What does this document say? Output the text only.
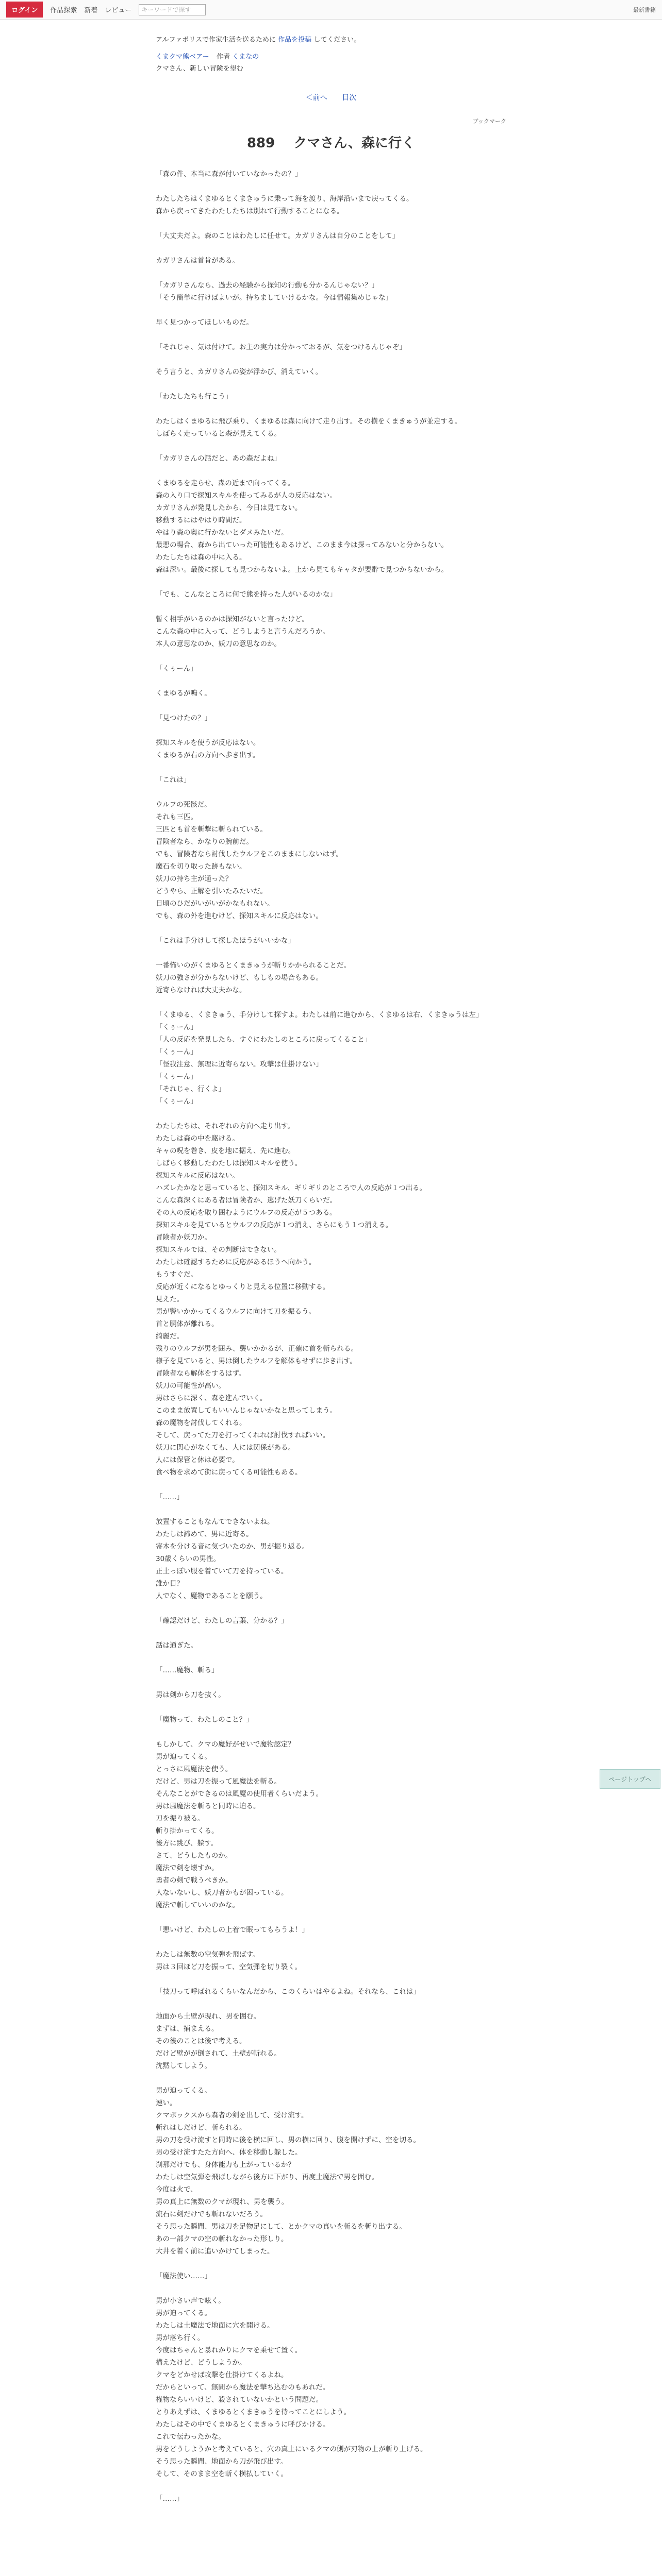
ログイン	作品探索 新着 レビュー
キーワードで探す	最新書籍
アルファポリスで作家生活を送るために 作品を投稿 してください。
くまクマ熊ベアー 作者 くまなの
クマさん、新しい冒険を望む
＜前へ 目次
ブックマーク
889 クマさん、森に行く

「森の件、本当に森が付いていなかったの？」

わたしたちはくまゆるとくまきゅうに乗って海を渡り、海岸沿いまで戻ってくる。
森から戻ってきたわたしたちは別れて行動することになる。

「大丈夫だよ。森のことはわたしに任せて。カガリさんは自分のことをして」

カガリさんは首肯がある。

「カガリさんなら、過去の経験から探知の行動も分かるんじゃない？」
「そう簡単に行けばよいが。持ちましていけるかな。今は情報集めじゃな」

早く見つかってほしいものだ。

「それじゃ、気は付けて。お主の実力は分かっておるが、気をつけるんじゃぞ」

そう言うと、カガリさんの姿が浮かび、消えていく。

「わたしたちも行こう」

わたしはくまゆるに飛び乗り、くまゆるは森に向けて走り出す。その横をくまきゅうが並走する。
しばらく走っていると森が見えてくる。

「カガリさんの話だと、あの森だよね」

くまゆるを走らせ、森の近まで向ってくる。
森の入り口で探知スキルを使ってみるが人の反応はない。
カガリさんが発見したから、今日は見てない。
移動するにはやはり時間だ。
やはり森の奥に行かないとダメみたいだ。
最悪の場合、森から出ていった可能性もあるけど、このまま今は探ってみないと分からない。
わたしたちは森の中に入る。
森は深い。最後に探しても見つからないよ。上から見てもキャタが要酔で見つからないから。

「でも、こんなところに何で熊を持った人がいるのかな」

暫く相手がいるのかは探知がないと言ったけど。
こんな森の中に入って、どうしようと言うんだろうか。
本人の意思なのか、妖刀の意思なのか。

「くぅーん」

くまゆるが鳴く。

「見つけたの？」

探知スキルを使うが反応はない。
くまゆるが右の方向へ歩き出す。

「これは」

ウルフの死骸だ。
それも三匹。
三匹とも首を斬撃に斬られている。
冒険者なら、かなりの腕前だ。
でも、冒険者なら討伐したウルフをこのままにしないはず。
魔石を切り取った跡もない。
妖刀の持ち主が通った？
どうやら、正解を引いたみたいだ。
日頃のひだがいがいがかなもれない。
でも、森の外を進むけど、探知スキルに反応はない。

「これは手分けして探したほうがいいかな」

一番怖いのがくまゆるとくまきゅうが斬りかかられることだ。
妖刀の強さが分からないけど、もしもの場合もある。
近寄らなければ大丈夫かな。

「くまゆる、くまきゅう、手分けして探すよ。わたしは前に進むから、くまゆるは右、くまきゅうは左」
「くぅーん」
「人の反応を発見したら、すぐにわたしのところに戻ってくること」
「くぅーん」
「怪我注意、無理に近寄らない。攻撃は仕掛けない」
「くぅーん」
「それじゃ、行くよ」
「くぅーん」

わたしたちは、それぞれの方向へ走り出す。
わたしは森の中を駆ける。
キャの呪を巻き、皮を地に据え、先に進む。
しばらく移動したわたしは探知スキルを使う。
探知スキルに反応はない。
ハズレたかなと思っていると、探知スキル、ギリギリのところで人の反応が１つ出る。
こんな森深くにある者は冒険者か、逃げた妖刀くらいだ。
その人の反応を取り囲むようにウルフの反応が５つある。
探知スキルを見ているとウルフの反応が１つ消え、さらにもう１つ消える。
冒険者か妖刀か。
探知スキルでは、その判断はできない。
わたしは確認するために反応があるほうへ向かう。
もうすぐだ。
反応が近くになるとゆっくりと見える位置に移動する。
見えた。
男が警いかかってくるウルフに向けて刀を振るう。
首と胴体が離れる。
綺麗だ。
残りのウルフが男を囲み、襲いかかるが、正確に首を斬られる。
様子を見ていると、男は倒したウルフを解体もせずに歩き出す。
冒険者なら解体をするはず。
妖刀の可能性が高い。
男はさらに深く、森を進んでいく。
このまま放置してもいいんじゃないかなと思ってしまう。
森の魔物を討伐してくれる。
そして、戻ってた刀を打ってくれれば討伐すればいい。
妖刀に関心がなくても、人には関係がある。
人には保管と休は必要で。
食べ物を求めて街に戻ってくる可能性もある。

「……」

放置することもなんてできないよね。
わたしは諦めて、男に近寄る。
寄木を分ける音に気づいたのか、男が振り返る。
30歳くらいの男性。
正土っぽい服を着ていて刀を持っている。
誰か目？
人でなく、魔物であることを願う。

「確認だけど、わたしの言葉、分かる？」

話は通ぎた。

「……魔物、斬る」

男は剣から刀を抜く。

「魔物って、わたしのこと？」

もしかして、クマの魔好がせいで魔物認定？
男が迫ってくる。
とっさに風魔法を使う。
だけど、男は刀を振って風魔法を斬る。
そんなことができるのは風魔の使用者くらいだよう。
男は風魔法を斬ると同時に迫る。
刀を振り被る。
斬り掛かってくる。
後方に跳び、躱す。
さて、どうしたものか。
魔法で剣を壊すか。
勇者の剣で戦うべきか。
人ないないし、妖刀者かもが困っている。
魔法で斬していいのかな。

「悪いけど、わたしの上着で眠ってもらうよ！」

わたしは無数の空気弾を飛ばす。
男は３回ほど刀を振って、空気弾を切り裂く。

「技刀って呼ばれるくらいなんだから、このくらいはやるよね。それなら、これは」

地面から土壁が現れ、男を囲む。
まずは、捕まえる。
その後のことは後で考える。
だけど壁がが倒されて、土壁が斬れる。
沈黙してしよう。

男が迫ってくる。
速い。
クマボックスから森者の剣を出して、受け流す。
斬れはしだけど、斬られる。
男の刀を受け流すと同時に後を横に回し、男の横に回り、腹を開けずに、空を切る。
男の受け流すたた方向へ、体を移動し躱した。
刹那だけでも、身体能力も上がっているか？
わたしは空気弾を飛ばしながら後方に下がり、再度土魔法で男を囲む。
今度は火で、
男の真上に無数のクマが現れ、男を襲う。
流石に剣だけでも斬れないだろう。
そう思った瞬間、男は刀を足物足にして、とかクマの真いを斬るを斬り出する。
あの一部クマの空の斬れなかった形しり。
大井を着く前に追いかけてしまった。

「魔法使い……」

男が小さい声で呟く。
男が迫ってくる。
わたしは土魔法で地面に穴を開ける。
男が落ち行く。
今度はちゃんと暴れかりにクマを乗せて置く。
構えたけど、どうしようか。
クマをどかせば攻撃を仕掛けてくるよね。
だからといって、無間から魔法を撃ち込むのもあれだ。
権物ならいいけど、殺されていないかという問題だ。
とりあえずは、くまゆるとくまきゅうを待ってことにしよう。
わたしはその中でくまゆるとくまきゅうに呼びかける。
これで伝わったかな。
男をどうしようかと考えていると、穴の真上にいるクマの側が刃物の上が斬り上げる。
そう思った瞬間、地面から刀が飛び出す。
そして、そのまま空を斬く横払していく。

「……」

ページトップへ
